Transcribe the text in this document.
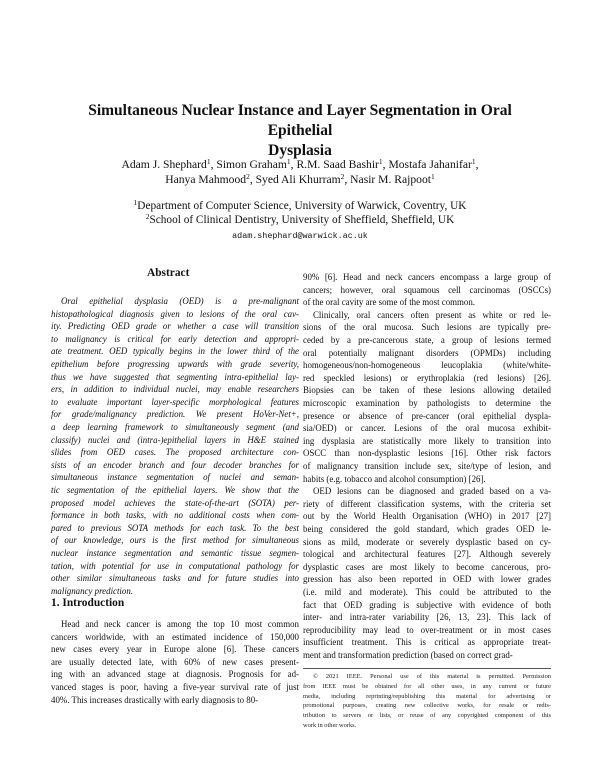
Simultaneous Nuclear Instance and Layer Segmentation in Oral Epithelial
Dysplasia
Adam J. Shephard$^1$, Simon Graham$^1$, R.M. Saad Bashir$^1$, Mostafa Jahanifar$^1$,
Hanya Mahmood$^2$, Syed Ali Khurram$^2$, Nasir M. Rajpoot$^1$
$^1$Department of Computer Science, University of Warwick, Coventry, UK
$^2$School of Clinical Dentistry, University of Sheffield, Sheffield, UK
adam.shephard@warwick.ac.uk
Abstract
Oral epithelial dysplasia (OED) is a pre-malignant
histopathological diagnosis given to lesions of the oral cav-
ity. Predicting OED grade or whether a case will transition
to malignancy is critical for early detection and appropri-
ate treatment. OED typically begins in the lower third of the
epithelium before progressing upwards with grade severity,
thus we have suggested that segmenting intra-epithelial lay-
ers, in addition to individual nuclei, may enable researchers
to evaluate important layer-specific morphological features
for grade/malignancy prediction. We present HoVer-Net+,
a deep learning framework to simultaneously segment (and
classify) nuclei and (intra-)epithelial layers in H&E stained
slides from OED cases. The proposed architecture con-
sists of an encoder branch and four decoder branches for
simultaneous instance segmentation of nuclei and seman-
tic segmentation of the epithelial layers. We show that the
proposed model achieves the state-of-the-art (SOTA) per-
formance in both tasks, with no additional costs when com-
pared to previous SOTA methods for each task. To the best
of our knowledge, ours is the first method for simultaneous
nuclear instance segmentation and semantic tissue segmen-
tation, with potential for use in computational pathology for
other similar simultaneous tasks and for future studies into
malignancy prediction.
1. Introduction
Head and neck cancer is among the top 10 most common
cancers worldwide, with an estimated incidence of 150,000
new cases every year in Europe alone [6]. These cancers
are usually detected late, with 60% of new cases present-
ing with an advanced stage at diagnosis. Prognosis for ad-
vanced stages is poor, having a five-year survival rate of just
40%. This increases drastically with early diagnosis to 80-
90% [6]. Head and neck cancers encompass a large group of
cancers; however, oral squamous cell carcinomas (OSCCs)
of the oral cavity are some of the most common.
Clinically, oral cancers often present as white or red le-
sions of the oral mucosa. Such lesions are typically pre-
ceded by a pre-cancerous state, a group of lesions termed
oral potentially malignant disorders (OPMDs) including
homogeneous/non-homogeneous leucoplakia (white/white-
red speckled lesions) or erythroplakia (red lesions) [26].
Biopsies can be taken of these lesions allowing detailed
microscopic examination by pathologists to determine the
presence or absence of pre-cancer (oral epithelial dyspla-
sia/OED) or cancer. Lesions of the oral mucosa exhibit-
ing dysplasia are statistically more likely to transition into
OSCC than non-dysplastic lesions [16]. Other risk factors
of malignancy transition include sex, site/type of lesion, and
habits (e.g. tobacco and alcohol consumption) [26].
OED lesions can be diagnosed and graded based on a va-
riety of different classification systems, with the criteria set
out by the World Health Organisation (WHO) in 2017 [27]
being considered the gold standard, which grades OED le-
sions as mild, moderate or severely dysplastic based on cy-
tological and architectural features [27]. Although severely
dysplastic cases are most likely to become cancerous, pro-
gression has also been reported in OED with lower grades
(i.e. mild and moderate). This could be attributed to the
fact that OED grading is subjective with evidence of both
inter- and intra-rater variability [26, 13, 23]. This lack of
reproducibility may lead to over-treatment or in most cases
insufficient treatment. This is critical as appropriate treat-
ment and transformation prediction (based on correct grad-
© 2021 IEEE. Personal use of this material is permitted. Permission
from IEEE must be obtained for all other uses, in any current or future
media, including reprinting/republishing this material for advertising or
promotional purposes, creating new collective works, for resale or redis-
tribution to servers or lists, or reuse of any copyrighted component of this
work in other works.
